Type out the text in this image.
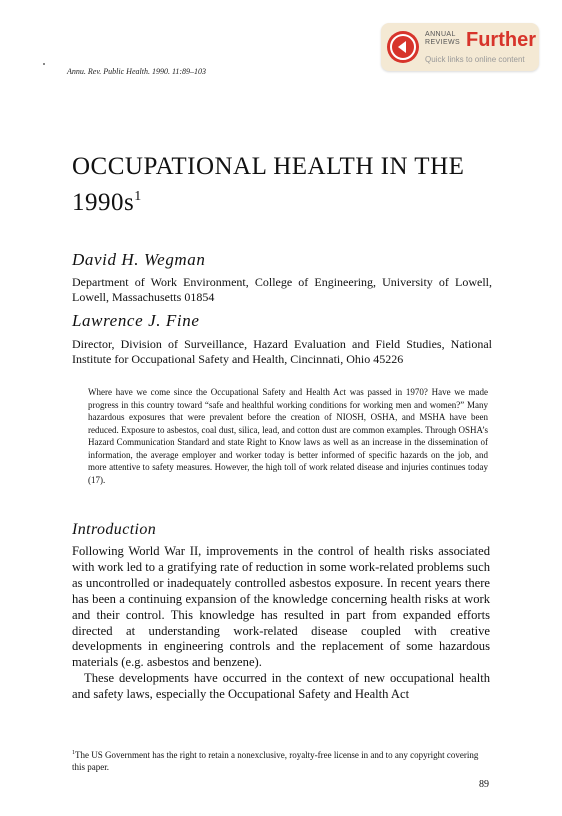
ANNUAL
REVIEWS Further
Quick links to online content
Annu. Rev. Public Health. 1990. 11:89–103
OCCUPATIONAL HEALTH IN THE
$1990s^1$
David H. Wegman
Department of Work Environment, College of Engineering, University of Lowell, Lowell, Massachusetts 01854
Lawrence J. Fine
Director, Division of Surveillance, Hazard Evaluation and Field Studies, National Institute for Occupational Safety and Health, Cincinnati, Ohio 45226
Where have we come since the Occupational Safety and Health Act was passed in 1970? Have we made progress in this country toward “safe and healthful working conditions for working men and women?” Many hazardous exposures that were prevalent before the creation of NIOSH, OSHA, and MSHA have been reduced. Exposure to asbestos, coal dust, silica, lead, and cotton dust are common examples. Through OSHA’s Hazard Communication Standard and state Right to Know laws as well as an increase in the dissemination of information, the average employer and worker today is better informed of specific hazards on the job, and more attentive to safety measures. However, the high toll of work related disease and injuries continues today (17).
Introduction

Following World War II, improvements in the control of health risks associated with work led to a gratifying rate of reduction in some work-related problems such as uncontrolled or inadequately controlled asbestos exposure. In recent years there has been a continuing expansion of the knowledge concerning health risks at work and their control. This knowledge has resulted in part from expanded efforts directed at understanding work-related disease coupled with creative developments in engineering controls and the replacement of some hazardous materials (e.g. asbestos and benzene).

These developments have occurred in the context of new occupational health and safety laws, especially the Occupational Safety and Health Act

$^1$The US Government has the right to retain a nonexclusive, royalty-free license in and to any copyright covering this paper.
89
